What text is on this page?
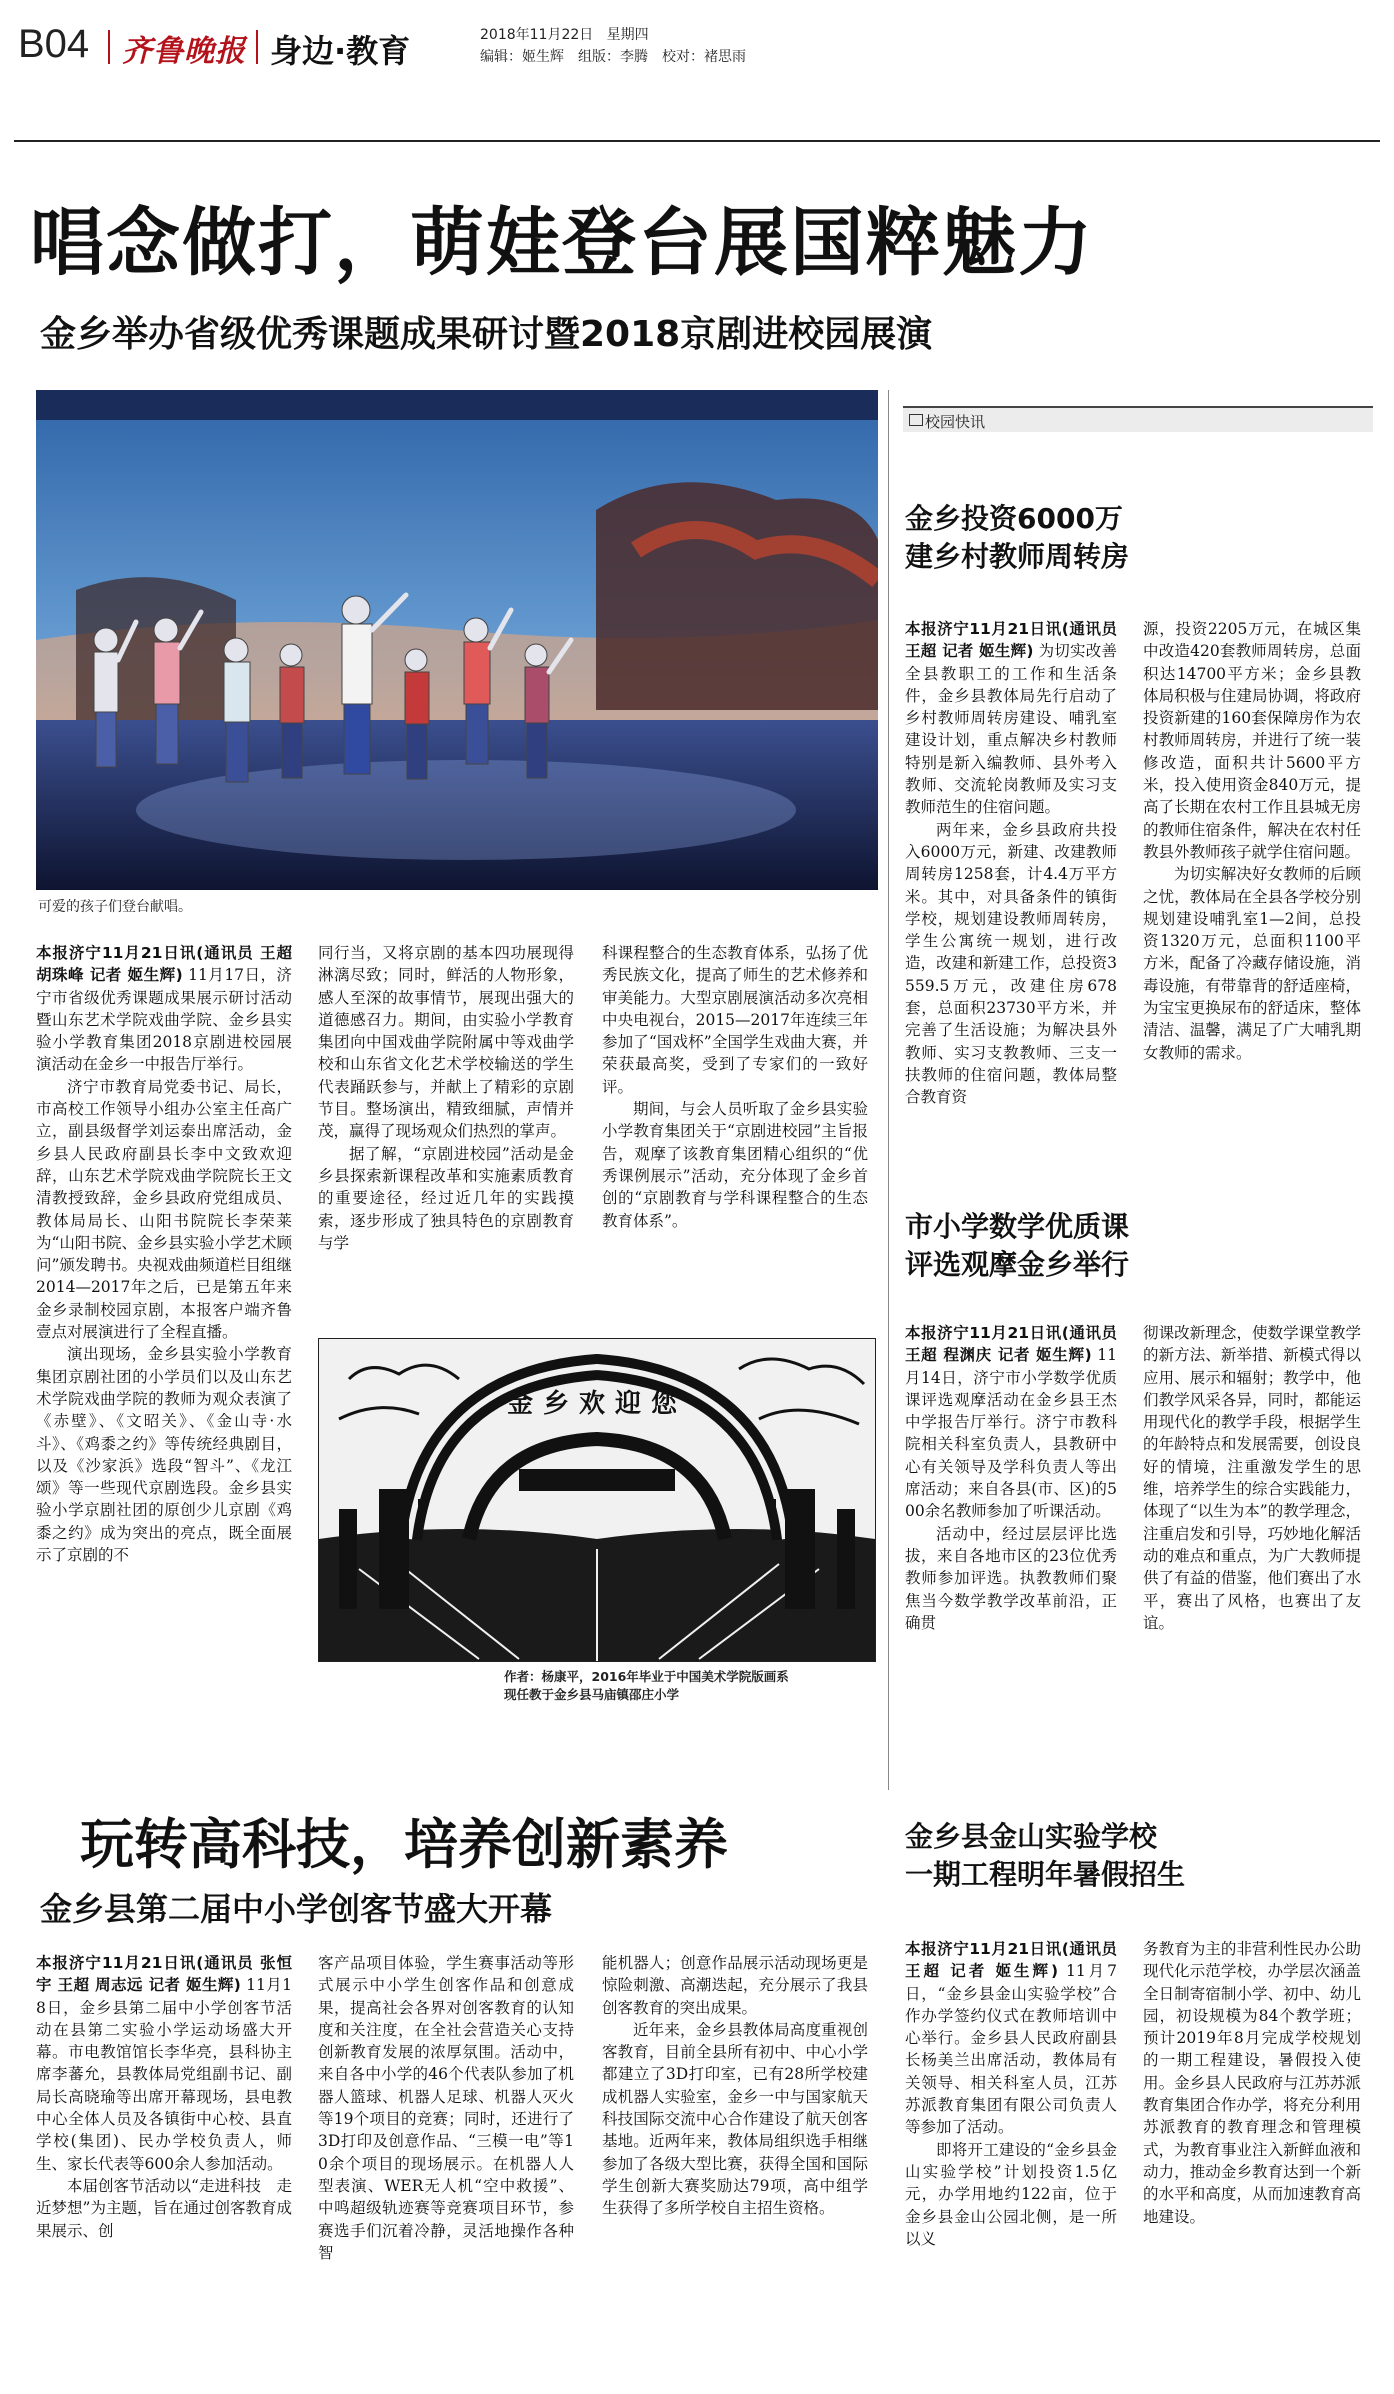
B04 齐鲁晚报 身边·教育	2018年11月22日 星期四
编辑：姬生辉　组版：李腾　校对：褚思雨
唱念做打，萌娃登台展国粹魅力
金乡举办省级优秀课题成果研讨暨2018京剧进校园展演
可爱的孩子们登台献唱。

本报济宁11月21日讯(通讯员 王超 胡珠峰 记者 姬生辉) 11月17日，济宁市省级优秀课题成果展示研讨活动暨山东艺术学院戏曲学院、金乡县实验小学教育集团2018京剧进校园展演活动在金乡一中报告厅举行。

济宁市教育局党委书记、局长，市高校工作领导小组办公室主任高广立，副县级督学刘运泰出席活动，金乡县人民政府副县长李中文致欢迎辞，山东艺术学院戏曲学院院长王文清教授致辞，金乡县政府党组成员、教体局局长、山阳书院院长李荣莱为“山阳书院、金乡县实验小学艺术顾问”颁发聘书。央视戏曲频道栏目组继2014—2017年之后，已是第五年来金乡录制校园京剧，本报客户端齐鲁壹点对展演进行了全程直播。

演出现场，金乡县实验小学教育集团京剧社团的小学员们以及山东艺术学院戏曲学院的教师为观众表演了《赤壁》、《文昭关》、《金山寺·水斗》、《鸡黍之约》等传统经典剧目，以及《沙家浜》选段“智斗”、《龙江颂》等一些现代京剧选段。金乡县实验小学京剧社团的原创少儿京剧《鸡黍之约》成为突出的亮点，既全面展示了京剧的不

同行当，又将京剧的基本四功展现得淋漓尽致；同时，鲜活的人物形象，感人至深的故事情节，展现出强大的道德感召力。期间，由实验小学教育集团向中国戏曲学院附属中等戏曲学校和山东省文化艺术学校输送的学生代表踊跃参与，并献上了精彩的京剧节目。整场演出，精致细腻，声情并茂，赢得了现场观众们热烈的掌声。

据了解，“京剧进校园”活动是金乡县探索新课程改革和实施素质教育的重要途径，经过近几年的实践摸索，逐步形成了独具特色的京剧教育与学

科课程整合的生态教育体系，弘扬了优秀民族文化，提高了师生的艺术修养和审美能力。大型京剧展演活动多次亮相中央电视台，2015—2017年连续三年参加了“国戏杯”全国学生戏曲大赛，并荣获最高奖，受到了专家们的一致好评。

期间，与会人员听取了金乡县实验小学教育集团关于“京剧进校园”主旨报告，观摩了该教育集团精心组织的“优秀课例展示”活动，充分体现了金乡首创的“京剧教育与学科课程整合的生态教育体系”。

金乡欢迎您
作者：杨康平，2016年毕业于中国美术学院版画系
现任教于金乡县马庙镇邵庄小学
校园快讯
金乡投资6000万
建乡村教师周转房

本报济宁11月21日讯(通讯员 王超 记者 姬生辉) 为切实改善全县教职工的工作和生活条件，金乡县教体局先行启动了乡村教师周转房建设、哺乳室建设计划，重点解决乡村教师特别是新入编教师、县外考入教师、交流轮岗教师及实习支教师范生的住宿问题。

两年来，金乡县政府共投入6000万元，新建、改建教师周转房1258套，计4.4万平方米。其中，对具备条件的镇街学校，规划建设教师周转房，学生公寓统一规划，进行改造，改建和新建工作，总投资3559.5万元，改建住房678套，总面积23730平方米，并完善了生活设施；为解决县外教师、实习支教教师、三支一扶教师的住宿问题，教体局整合教育资

源，投资2205万元，在城区集中改造420套教师周转房，总面积达14700平方米；金乡县教体局积极与住建局协调，将政府投资新建的160套保障房作为农村教师周转房，并进行了统一装修改造，面积共计5600平方米，投入使用资金840万元，提高了长期在农村工作且县城无房的教师住宿条件，解决在农村任教县外教师孩子就学住宿问题。

为切实解决好女教师的后顾之忧，教体局在全县各学校分别规划建设哺乳室1—2间，总投资1320万元，总面积1100平方米，配备了冷藏存储设施，消毒设施，有带靠背的舒适座椅，为宝宝更换尿布的舒适床，整体清洁、温馨，满足了广大哺乳期女教师的需求。

市小学数学优质课
评选观摩金乡举行

本报济宁11月21日讯(通讯员 王超 程渊庆 记者 姬生辉) 11月14日，济宁市小学数学优质课评选观摩活动在金乡县王杰中学报告厅举行。济宁市教科院相关科室负责人，县教研中心有关领导及学科负责人等出席活动；来自各县(市、区)的500余名教师参加了听课活动。

活动中，经过层层评比选拔，来自各地市区的23位优秀教师参加评选。执教教师们聚焦当今数学教学改革前沿，正确贯

彻课改新理念，使数学课堂教学的新方法、新举措、新模式得以应用、展示和辐射；教学中，他们教学风采各异，同时，都能运用现代化的教学手段，根据学生的年龄特点和发展需要，创设良好的情境，注重激发学生的思维，培养学生的综合实践能力，体现了“以生为本”的教学理念，注重启发和引导，巧妙地化解活动的难点和重点，为广大教师提供了有益的借鉴，他们赛出了水平，赛出了风格，也赛出了友谊。

玩转高科技，培养创新素养
金乡县第二届中小学创客节盛大开幕

本报济宁11月21日讯(通讯员 张恒宇 王超 周志远 记者 姬生辉) 11月18日，金乡县第二届中小学创客节活动在县第二实验小学运动场盛大开幕。市电教馆馆长李华亮，县科协主席李蕃允，县教体局党组副书记、副局长高晓瑜等出席开幕现场，县电教中心全体人员及各镇街中心校、县直学校(集团)、民办学校负责人，师生、家长代表等600余人参加活动。

本届创客节活动以“走进科技　走近梦想”为主题，旨在通过创客教育成果展示、创

客产品项目体验，学生赛事活动等形式展示中小学生创客作品和创意成果，提高社会各界对创客教育的认知度和关注度，在全社会营造关心支持创新教育发展的浓厚氛围。活动中，来自各中小学的46个代表队参加了机器人篮球、机器人足球、机器人灭火等19个项目的竞赛；同时，还进行了3D打印及创意作品、“三模一电”等10余个项目的现场展示。在机器人人型表演、WER无人机“空中救援”、中鸣超级轨迹赛等竞赛项目环节，参赛选手们沉着冷静，灵活地操作各种智

能机器人；创意作品展示活动现场更是惊险刺激、高潮迭起，充分展示了我县创客教育的突出成果。

近年来，金乡县教体局高度重视创客教育，目前全县所有初中、中心小学都建立了3D打印室，已有28所学校建成机器人实验室，金乡一中与国家航天科技国际交流中心合作建设了航天创客基地。近两年来，教体局组织选手相继参加了各级大型比赛，获得全国和国际学生创新大赛奖励达79项，高中组学生获得了多所学校自主招生资格。

金乡县金山实验学校
一期工程明年暑假招生

本报济宁11月21日讯(通讯员 王超 记者 姬生辉) 11月7日，“金乡县金山实验学校”合作办学签约仪式在教师培训中心举行。金乡县人民政府副县长杨美兰出席活动，教体局有关领导、相关科室人员，江苏苏派教育集团有限公司负责人等参加了活动。

即将开工建设的“金乡县金山实验学校”计划投资1.5亿元，办学用地约122亩，位于金乡县金山公园北侧，是一所以义

务教育为主的非营利性民办公助现代化示范学校，办学层次涵盖全日制寄宿制小学、初中、幼儿园，初设规模为84个教学班；预计2019年8月完成学校规划的一期工程建设，暑假投入使用。金乡县人民政府与江苏苏派教育集团合作办学，将充分利用苏派教育的教育理念和管理模式，为教育事业注入新鲜血液和动力，推动金乡教育达到一个新的水平和高度，从而加速教育高地建设。
